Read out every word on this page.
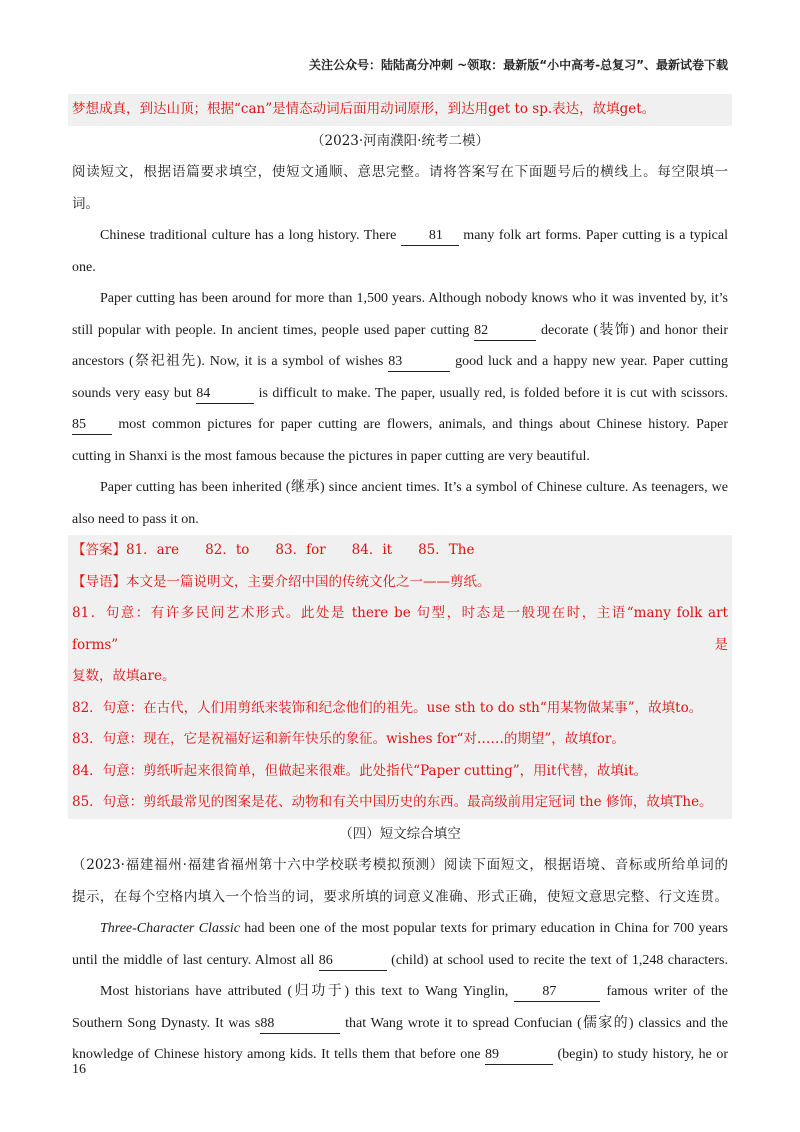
关注公众号：陆陆高分冲刺 ~领取：最新版“小中高考-总复习”、最新试卷下载
梦想成真，到达山顶；根据“can”是情态动词后面用动词原形，到达用get to sp.表达，故填get。
（2023·河南濮阳·统考二模）
阅读短文，根据语篇要求填空，使短文通顺、意思完整。请将答案写在下面题号后的横线上。每空限填一
词。
Chinese traditional culture has a long history. There 81 many folk art forms. Paper cutting is a typical
one.
Paper cutting has been around for more than 1,500 years. Although nobody knows who it was invented by, it’s
still popular with people. In ancient times, people used paper cutting 82	decorate (装饰) and honor their
ancestors (祭祀祖先). Now, it is a symbol of wishes 83	good luck and a happy new year. Paper cutting
sounds very easy but 84	is difficult to make. The paper, usually red, is folded before it is cut with scissors.
85 most common pictures for paper cutting are flowers, animals, and things about Chinese history. Paper
cutting in Shanxi is the most famous because the pictures in paper cutting are very beautiful.
Paper cutting has been inherited (继承) since ancient times. It’s a symbol of Chinese culture. As teenagers, we
also need to pass it on.
【答案】81．are 82．to 83．for 84．it 85．The
【导语】本文是一篇说明文，主要介绍中国的传统文化之一——剪纸。
81．句意：有许多民间艺术形式。此处是 there be 句型，时态是一般现在时，主语“many folk art forms”是
复数，故填are。
82．句意：在古代，人们用剪纸来装饰和纪念他们的祖先。use sth to do sth“用某物做某事”，故填to。
83．句意：现在，它是祝福好运和新年快乐的象征。wishes for“对……的期望”，故填for。
84．句意：剪纸听起来很简单，但做起来很难。此处指代“Paper cutting”，用it代替，故填it。
85．句意：剪纸最常见的图案是花、动物和有关中国历史的东西。最高级前用定冠词 the 修饰，故填The。
（四）短文综合填空
（2023·福建福州·福建省福州第十六中学校联考模拟预测）阅读下面短文，根据语境、音标或所给单词的
提示，在每个空格内填入一个恰当的词，要求所填的词意义准确、形式正确，使短文意思完整、行文连贯。
Three-Character Classic had been one of the most popular texts for primary education in China for 700 years
until the middle of last century. Almost all 86	(child) at school used to recite the text of 1,248 characters.
Most historians have attributed (归功于) this text to Wang Yinglin, 87	famous writer of the
Southern Song Dynasty. It was s88	that Wang wrote it to spread Confucian (儒家的) classics and the
knowledge of Chinese history among kids. It tells them that before one 89	(begin) to study history, he or
16
